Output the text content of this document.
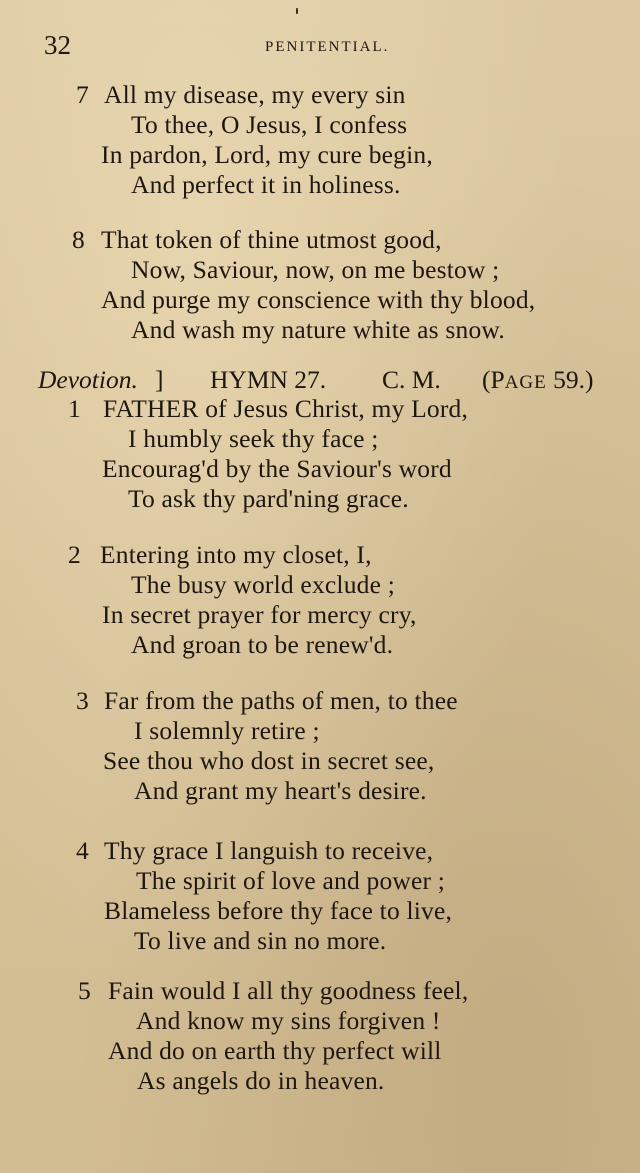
32	PENITENTIAL.
7 All my disease, my every sin
To thee, O Jesus, I confess
In pardon, Lord, my cure begin,
And perfect it in holiness.
8 That token of thine utmost good,
Now, Saviour, now, on me bestow ;
And purge my conscience with thy blood,
And wash my nature white as snow.
Devotion. ] HYMN 27. C. M. (PAGE 59.)
1 FATHER of Jesus Christ, my Lord,
I humbly seek thy face ;
Encourag'd by the Saviour's word
To ask thy pard'ning grace.
2 Entering into my closet, I,
The busy world exclude ;
In secret prayer for mercy cry,
And groan to be renew'd.
3 Far from the paths of men, to thee
I solemnly retire ;
See thou who dost in secret see,
And grant my heart's desire.
4 Thy grace I languish to receive,
The spirit of love and power ;
Blameless before thy face to live,
To live and sin no more.
5 Fain would I all thy goodness feel,
And know my sins forgiven !
And do on earth thy perfect will
As angels do in heaven.
